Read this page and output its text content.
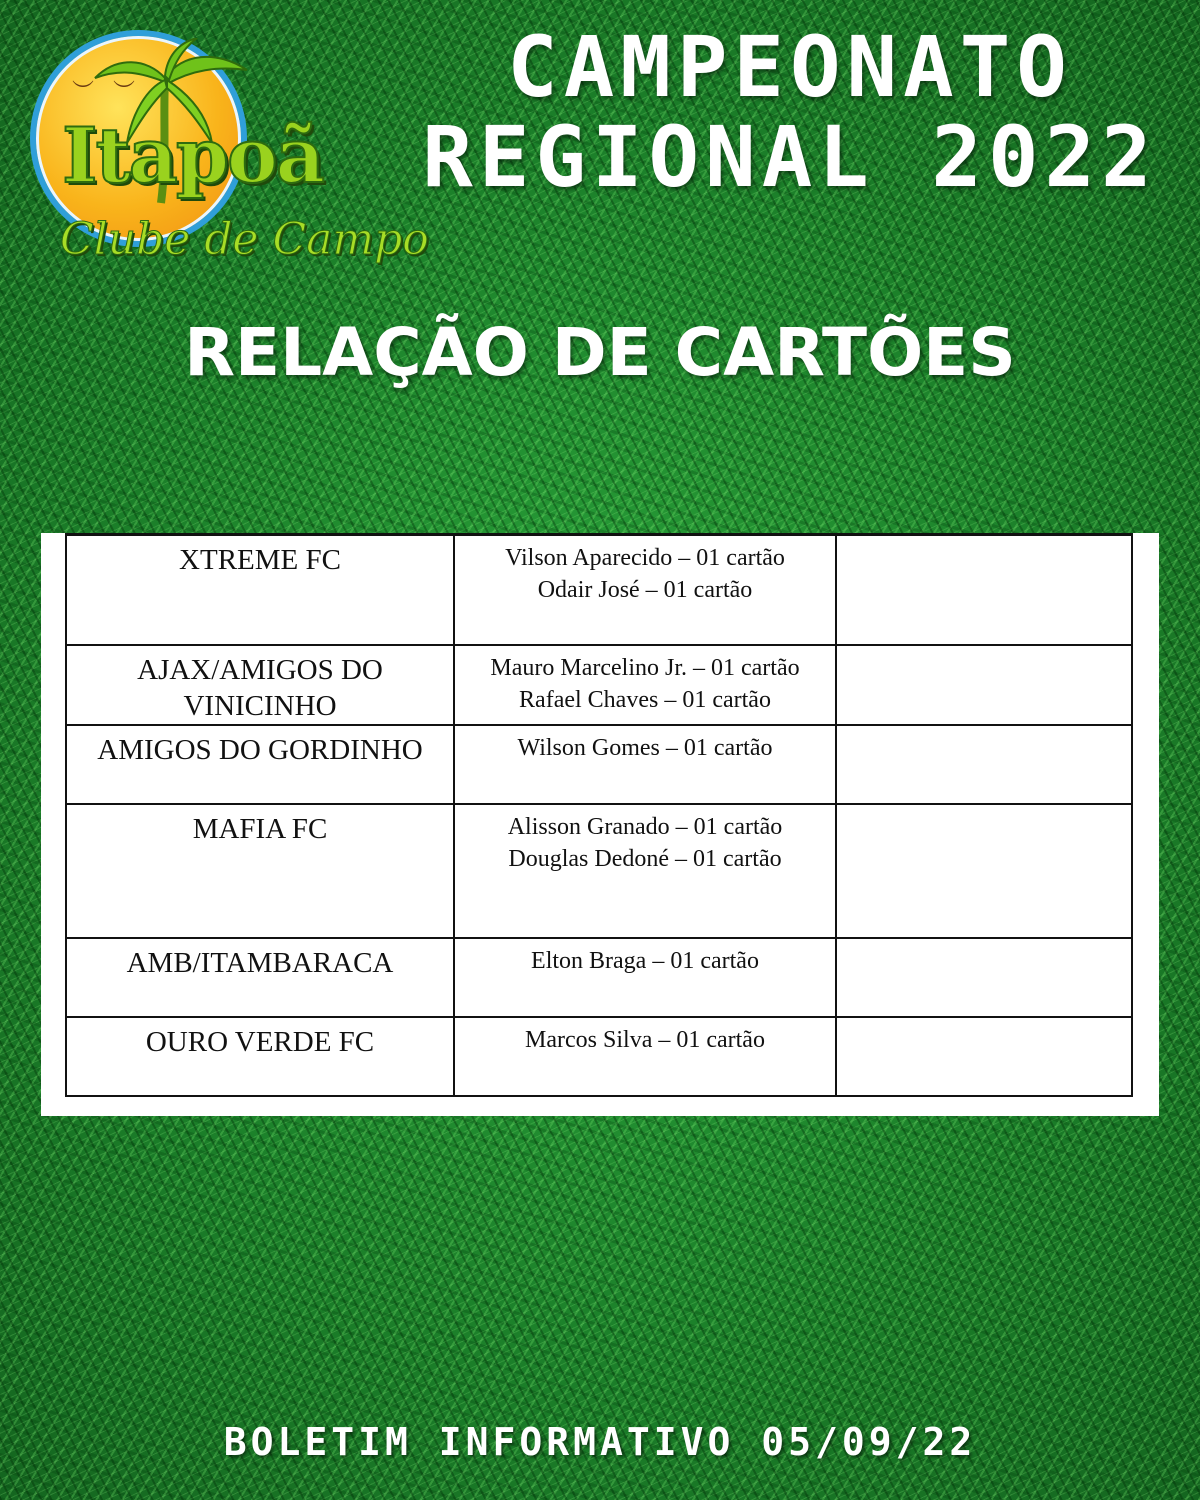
︶ ︶
Itapoã
Clube de Campo
CAMPEONATO
REGIONAL 2022
RELAÇÃO DE CARTÕES
XTREME FC	Vilson Aparecido – 01 cartão
Odair José – 01 cartão	

AJAX/AMIGOS DO VINICINHO	Mauro Marcelino Jr. – 01 cartão
Rafael Chaves – 01 cartão	

AMIGOS DO GORDINHO	Wilson Gomes – 01 cartão	

MAFIA FC	Alisson Granado – 01 cartão
Douglas Dedoné – 01 cartão	

AMB/ITAMBARACA	Elton Braga – 01 cartão	

OURO VERDE FC	Marcos Silva – 01 cartão	

BOLETIM INFORMATIVO 05/09/22
